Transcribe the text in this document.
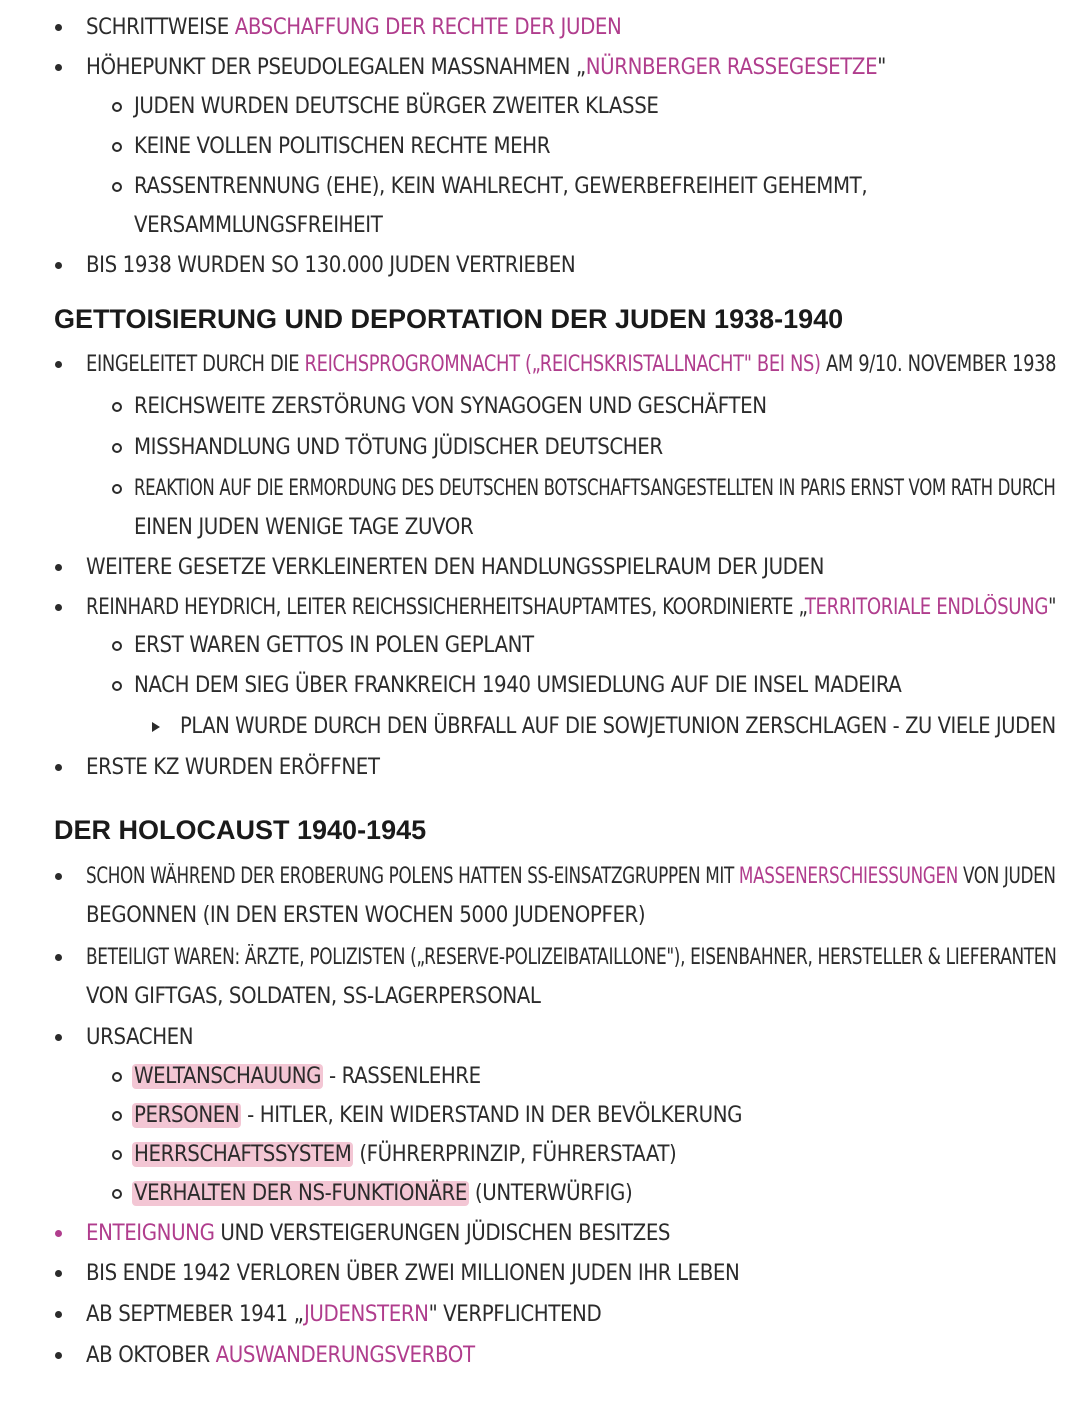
SCHRITTWEISE ABSCHAFFUNG DER RECHTE DER JUDEN
HÖHEPUNKT DER PSEUDOLEGALEN MASSNAHMEN „NÜRNBERGER RASSEGESETZE"
JUDEN WURDEN DEUTSCHE BÜRGER ZWEITER KLASSE
KEINE VOLLEN POLITISCHEN RECHTE MEHR
RASSENTRENNUNG (EHE), KEIN WAHLRECHT, GEWERBEFREIHEIT GEHEMMT,
VERSAMMLUNGSFREIHEIT
BIS 1938 WURDEN SO 130.000 JUDEN VERTRIEBEN
GETTOISIERUNG UND DEPORTATION DER JUDEN 1938-1940
EINGELEITET DURCH DIE REICHSPROGROMNACHT („REICHSKRISTALLNACHT" BEI NS) AM 9/10. NOVEMBER 1938
REICHSWEITE ZERSTÖRUNG VON SYNAGOGEN UND GESCHÄFTEN
MISSHANDLUNG UND TÖTUNG JÜDISCHER DEUTSCHER
REAKTION AUF DIE ERMORDUNG DES DEUTSCHEN BOTSCHAFTSANGESTELLTEN IN PARIS ERNST VOM RATH DURCH
EINEN JUDEN WENIGE TAGE ZUVOR
WEITERE GESETZE VERKLEINERTEN DEN HANDLUNGSSPIELRAUM DER JUDEN
REINHARD HEYDRICH, LEITER REICHSSICHERHEITSHAUPTAMTES, KOORDINIERTE „TERRITORIALE ENDLÖSUNG"
ERST WAREN GETTOS IN POLEN GEPLANT
NACH DEM SIEG ÜBER FRANKREICH 1940 UMSIEDLUNG AUF DIE INSEL MADEIRA
PLAN WURDE DURCH DEN ÜBRFALL AUF DIE SOWJETUNION ZERSCHLAGEN - ZU VIELE JUDEN
ERSTE KZ WURDEN ERÖFFNET
DER HOLOCAUST 1940-1945
SCHON WÄHREND DER EROBERUNG POLENS HATTEN SS-EINSATZGRUPPEN MIT MASSENERSCHIESSUNGEN VON JUDEN
BEGONNEN (IN DEN ERSTEN WOCHEN 5000 JUDENOPFER)
BETEILIGT WAREN: ÄRZTE, POLIZISTEN („RESERVE-POLIZEIBATAILLONE"), EISENBAHNER, HERSTELLER & LIEFERANTEN
VON GIFTGAS, SOLDATEN, SS-LAGERPERSONAL
URSACHEN
WELTANSCHAUUNG - RASSENLEHRE
PERSONEN - HITLER, KEIN WIDERSTAND IN DER BEVÖLKERUNG
HERRSCHAFTSSYSTEM (FÜHRERPRINZIP, FÜHRERSTAAT)
VERHALTEN DER NS-FUNKTIONÄRE (UNTERWÜRFIG)
ENTEIGNUNG UND VERSTEIGERUNGEN JÜDISCHEN BESITZES
BIS ENDE 1942 VERLOREN ÜBER ZWEI MILLIONEN JUDEN IHR LEBEN
AB SEPTMEBER 1941 „JUDENSTERN" VERPFLICHTEND
AB OKTOBER AUSWANDERUNGSVERBOT
